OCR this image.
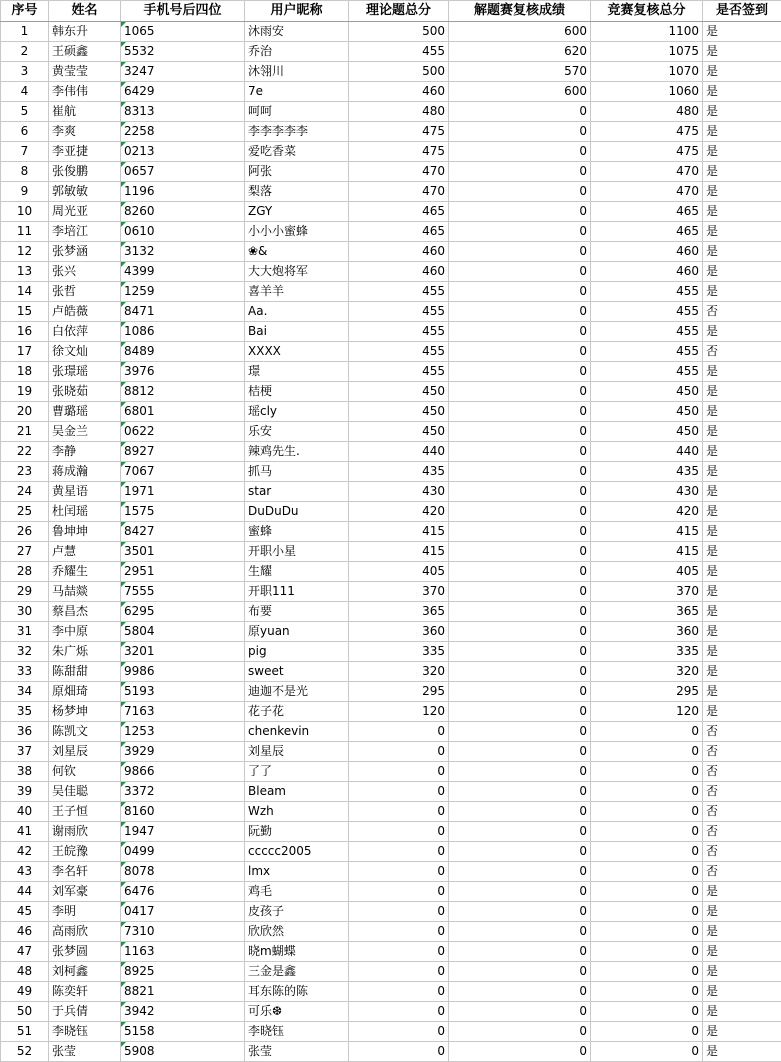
序号	姓名	手机号后四位	用户昵称	理论题总分	解题赛复核成绩	竞赛复核总分	是否签到
1	韩东升	1065	沐雨安	500	600	1100	是
2	王硕鑫	5532	乔治	455	620	1075	是
3	黄莹莹	3247	沐翎川	500	570	1070	是
4	李伟伟	6429	7e	460	600	1060	是
5	崔航	8313	呵呵	480	0	480	是
6	李爽	2258	李李李李李	475	0	475	是
7	李亚捷	0213	爱吃香菜	475	0	475	是
8	张俊鹏	0657	阿张	470	0	470	是
9	郭敏敏	1196	梨落	470	0	470	是
10	周光亚	8260	ZGY	465	0	465	是
11	李培江	0610	小小小蜜蜂	465	0	465	是
12	张梦涵	3132	❀&	460	0	460	是
13	张兴	4399	大大炮将军	460	0	460	是
14	张哲	1259	喜羊羊	455	0	455	是
15	卢皓薇	8471	Aa.	455	0	455	否
16	白依萍	1086	Bai	455	0	455	是
17	徐文灿	8489	XXXX	455	0	455	否
18	张璟瑶	3976	璟	455	0	455	是
19	张晓茹	8812	桔梗	450	0	450	是
20	曹璐瑶	6801	瑶cly	450	0	450	是
21	吴金兰	0622	乐安	450	0	450	是
22	李静	8927	辣鸡先生.	440	0	440	是
23	蒋成瀚	7067	抓马	435	0	435	是
24	黄星语	1971	star	430	0	430	是
25	杜闰瑶	1575	DuDuDu	420	0	420	是
26	鲁坤坤	8427	蜜蜂	415	0	415	是
27	卢慧	3501	开职小星	415	0	415	是
28	乔耀生	2951	生耀	405	0	405	是
29	马喆燚	7555	开职111	370	0	370	是
30	蔡昌杰	6295	布要	365	0	365	是
31	李中原	5804	原yuan	360	0	360	是
32	朱广烁	3201	pig	335	0	335	是
33	陈甜甜	9986	sweet	320	0	320	是
34	原畑琦	5193	迪迦不是光	295	0	295	是
35	杨梦坤	7163	花子花	120	0	120	是
36	陈凯文	1253	chenkevin	0	0	0	否
37	刘星辰	3929	刘星辰	0	0	0	否
38	何钦	9866	了了	0	0	0	否
39	吴佳聪	3372	Bleam	0	0	0	否
40	王子恒	8160	Wzh	0	0	0	否
41	谢雨欣	1947	阮勤	0	0	0	否
42	王皖豫	0499	ccccc2005	0	0	0	否
43	李名轩	8078	lmx	0	0	0	否
44	刘军豪	6476	鸡毛	0	0	0	是
45	李明	0417	皮孩子	0	0	0	是
46	高雨欣	7310	欣欣然	0	0	0	是
47	张梦圆	1163	晓m蝴蝶	0	0	0	是
48	刘柯鑫	8925	三金是鑫	0	0	0	是
49	陈奕轩	8821	耳东陈的陈	0	0	0	是
50	于兵倩	3942	可乐❆	0	0	0	是
51	李晓钰	5158	李晓钰	0	0	0	是
52	张莹	5908	张莹	0	0	0	是
